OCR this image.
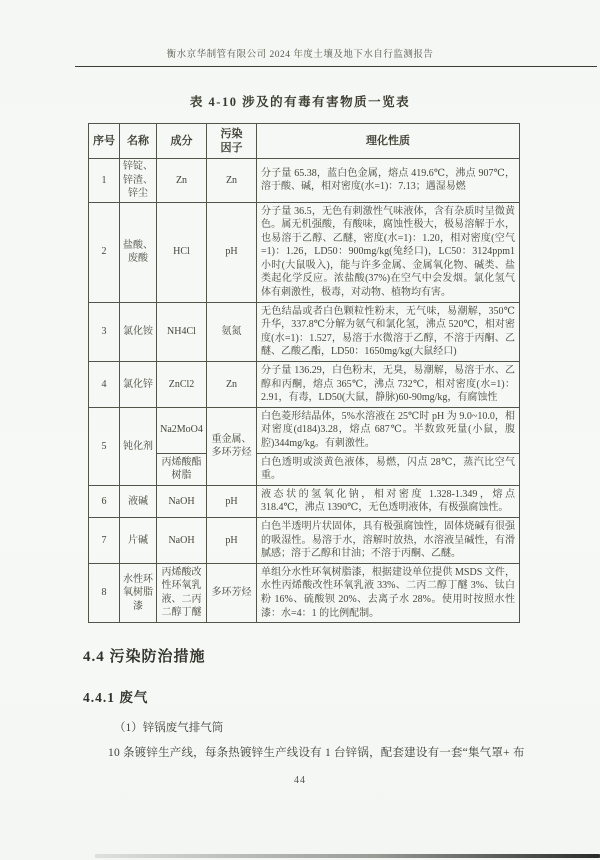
衡水京华制管有限公司 2024 年度土壤及地下水自行监测报告
表 4-10 涉及的有毒有害物质一览表
序号	名称	成分	污染因子	理化性质
1	锌锭、锌渣、锌尘	Zn	Zn	分子量 65.38，蓝白色金属，熔点 419.6℃，沸点 907℃，溶于酸、碱，相对密度(水=1)：7.13；遇湿易燃
2	盐酸、废酸	HCl	pH	分子量 36.5，无色有刺激性气味液体，含有杂质时呈微黄色。属无机强酸，有酸味，腐蚀性极大，极易溶解于水，也易溶于乙醇、乙醚，密度(水=1)：1.20，相对密度(空气=1)：1.26，LD50：900mg/kg(兔经口)，LC50：3124ppm1 小时(大鼠吸入)，能与许多金属、金属氧化物、碱类、盐类起化学反应。浓盐酸(37%)在空气中会发烟。氯化氢气体有刺激性，极毒，对动物、植物均有害。
3	氯化铵	NH4Cl	氨氮	无色结晶或者白色颗粒性粉末，无气味，易潮解，350℃升华，337.8℃分解为氨气和氯化氢，沸点 520℃，相对密度(水=1)：1.527，易溶于水微溶于乙醇，不溶于丙酮、乙醚、乙酸乙酯，LD50：1650mg/kg(大鼠经口)
4	氯化锌	ZnCl2	Zn	分子量 136.29，白色粉末，无臭，易潮解，易溶于水、乙醇和丙酮，熔点 365℃，沸点 732℃，相对密度(水=1)：2.91，有毒，LD50(大鼠，静脉)60-90mg/kg，有腐蚀性
5	钝化剂	Na2MoO4	重金属、多环芳烃	白色菱形结晶体，5%水溶液在 25℃时 pH 为 9.0~10.0，相对密度(d184)3.28，熔点 687℃。半数致死量(小鼠，腹腔)344mg/kg。有刺激性。
		丙烯酸酯树脂		白色透明或淡黄色液体，易燃，闪点 28℃，蒸汽比空气重。
6	液碱	NaOH	pH	液态状的氢氧化钠，相对密度 1.328-1.349，熔点 318.4℃，沸点 1390℃，无色透明液体，有极强腐蚀性。
7	片碱	NaOH	pH	白色半透明片状固体，具有极强腐蚀性，固体烧碱有很强的吸湿性。易溶于水，溶解时放热，水溶液呈碱性，有滑腻感；溶于乙醇和甘油；不溶于丙酮、乙醚。
8	水性环氧树脂漆	丙烯酸改性环氧乳液、二丙二醇丁醚	多环芳烃	单组分水性环氧树脂漆，根据建设单位提供 MSDS 文件，水性丙烯酸改性环氧乳液 33%、二丙二醇丁醚 3%、钛白粉 16%、硫酸钡 20%、去离子水 28%。使用时按照水性漆：水=4：1 的比例配制。
4.4 污染防治措施
4.4.1 废气
（1）锌锅废气排气筒
10 条镀锌生产线，每条热镀锌生产线设有 1 台锌锅，配套建设有一套“集气罩+ 布
44
